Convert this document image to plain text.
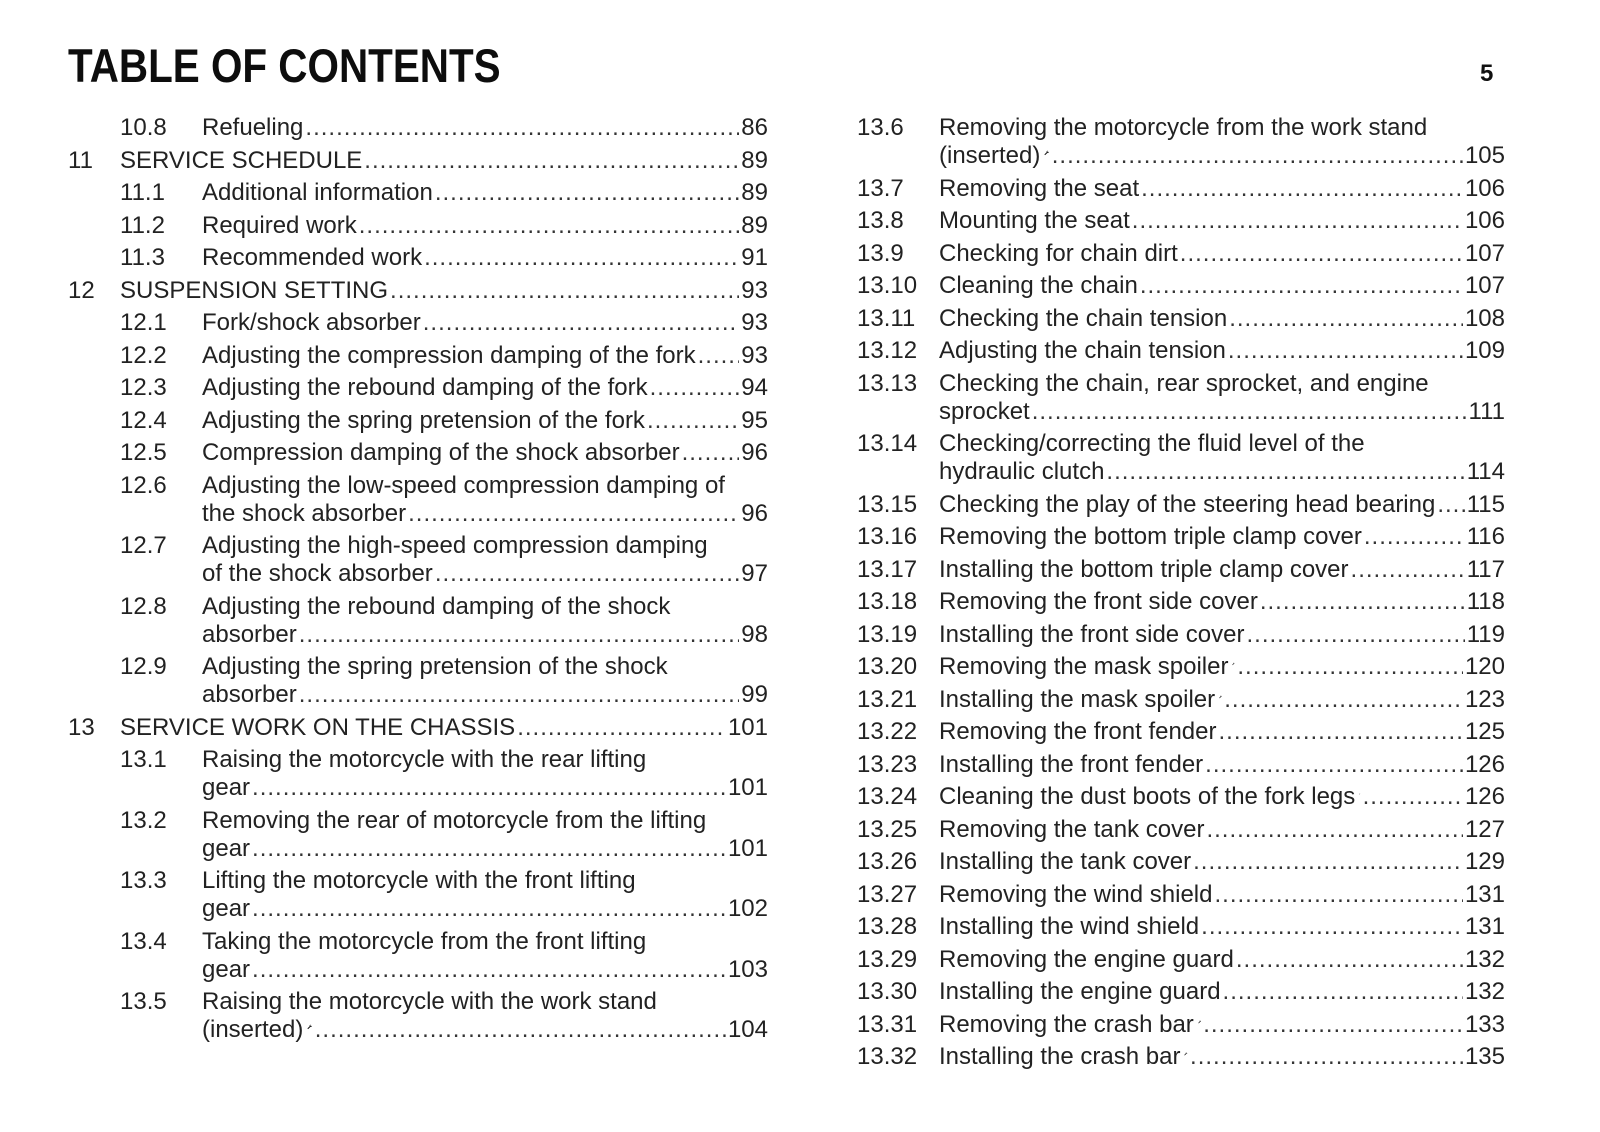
TABLE OF CONTENTS	5
10.8 Refueling .....	86
11 SERVICE SCHEDULE .....	89
11.1 Additional information .....	89
11.2 Required work .....	89
11.3 Recommended work .....	91
12 SUSPENSION SETTING .....	93
12.1 Fork/shock absorber .....	93
12.2 Adjusting the compression damping of the fork ..... 93
12.3 Adjusting the rebound damping of the fork .....	94
12.4 Adjusting the spring pretension of the fork .....	95
12.5 Compression damping of the shock absorber .....	96
12.6 Adjusting the low-speed compression damping of
the shock absorber .....	96
12.7 Adjusting the high-speed compression damping
of the shock absorber .....	97
12.8 Adjusting the rebound damping of the shock
absorber .....	98
12.9 Adjusting the spring pretension of the shock
absorber .....	99
13 SERVICE WORK ON THE CHASSIS .....	101
13.1 Raising the motorcycle with the rear lifting
gear .....	101
13.2 Removing the rear of motorcycle from the lifting
gear .....	101
13.3 Lifting the motorcycle with the front lifting
gear .....	102
13.4 Taking the motorcycle from the front lifting
gear .....	103
13.5 Raising the motorcycle with the work stand
(inserted) .....	104
13.6 Removing the motorcycle from the work stand
(inserted) .....	105
13.7 Removing the seat .....	106
13.8 Mounting the seat .....	106
13.9 Checking for chain dirt .....	107
13.10 Cleaning the chain .....	107
13.11 Checking the chain tension .....	108
13.12 Adjusting the chain tension .....	109
13.13 Checking the chain, rear sprocket, and engine
sprocket .....	111
13.14 Checking/correcting the fluid level of the
hydraulic clutch .....	114
13.15 Checking the play of the steering head bearing ..... 115
13.16 Removing the bottom triple clamp cover .....	116
13.17 Installing the bottom triple clamp cover .....	117
13.18 Removing the front side cover .....	118
13.19 Installing the front side cover .....	119
13.20 Removing the mask spoiler .....	120
13.21 Installing the mask spoiler .....	123
13.22 Removing the front fender .....	125
13.23 Installing the front fender .....	126
13.24 Cleaning the dust boots of the fork legs .....	126
13.25 Removing the tank cover .....	127
13.26 Installing the tank cover .....	129
13.27 Removing the wind shield .....	131
13.28 Installing the wind shield .....	131
13.29 Removing the engine guard .....	132
13.30 Installing the engine guard .....	132
13.31 Removing the crash bar .....	133
13.32 Installing the crash bar .....	135
